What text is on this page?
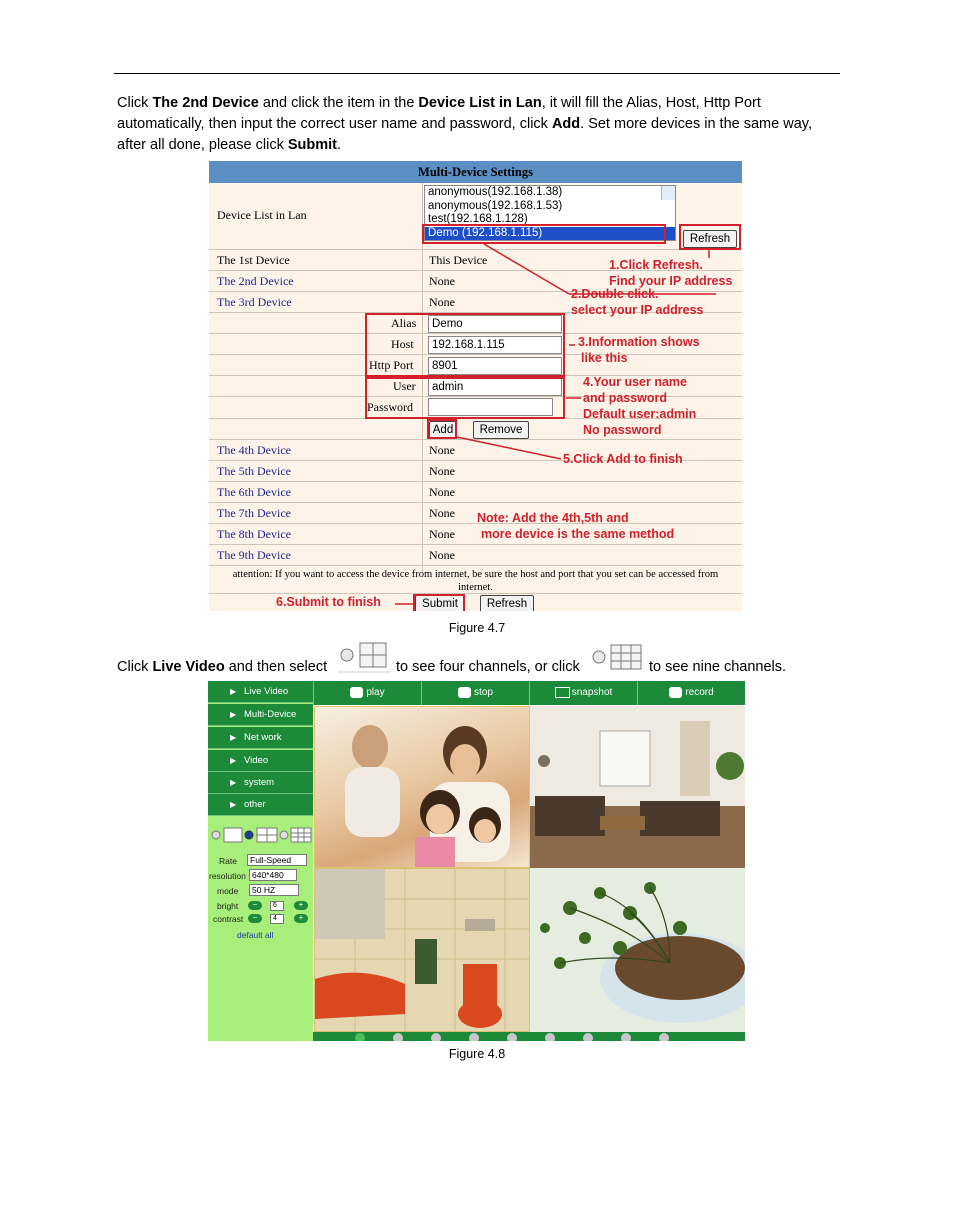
Click The 2nd Device and click the item in the Device List in Lan, it will fill the Alias, Host, Http Port automatically, then input the correct user name and password, click Add. Set more devices in the same way, after all done, please click Submit.

Multi-Device Settings
Device List in Lan
anonymous(192.168.1.38)
anonymous(192.168.1.53)
test(192.168.1.128)
Demo (192.168.1.115)
Refresh
The 1st Device	This Device
The 2nd Device	None
The 3rd Device	None
Alias	Demo
Host	192.168.1.115
Http Port	8901
User	admin
Password
Add	Remove
The 4th Device	None
The 5th Device	None
The 6th Device	None
The 7th Device	None
The 8th Device	None
The 9th Device	None
attention: If you want to access the device from internet, be sure the host and port that you set can be accessed from internet.
Submit	Refresh
1.Click Refresh.
Find your IP address
2.Double click.
select your IP address
3.Information shows
like this
4.Your user name
and password
Default user:admin
No password
5.Click Add to finish
Note: Add the 4th,5th and
more device is the same method
6.Submit to finish
Figure 4.7
Click Live Video and then select	to see four channels, or click	to see nine channels.
▶ Live Video
▶ Multi-Device
▶ Net work
▶ Video
▶ system
▶ other
Rate	Full-Speed
resolution 640*480
mode	50 HZ
bright	−	6	+
contrast	−	4	+
default all
play	stop	snapshot	record
Figure 4.8
